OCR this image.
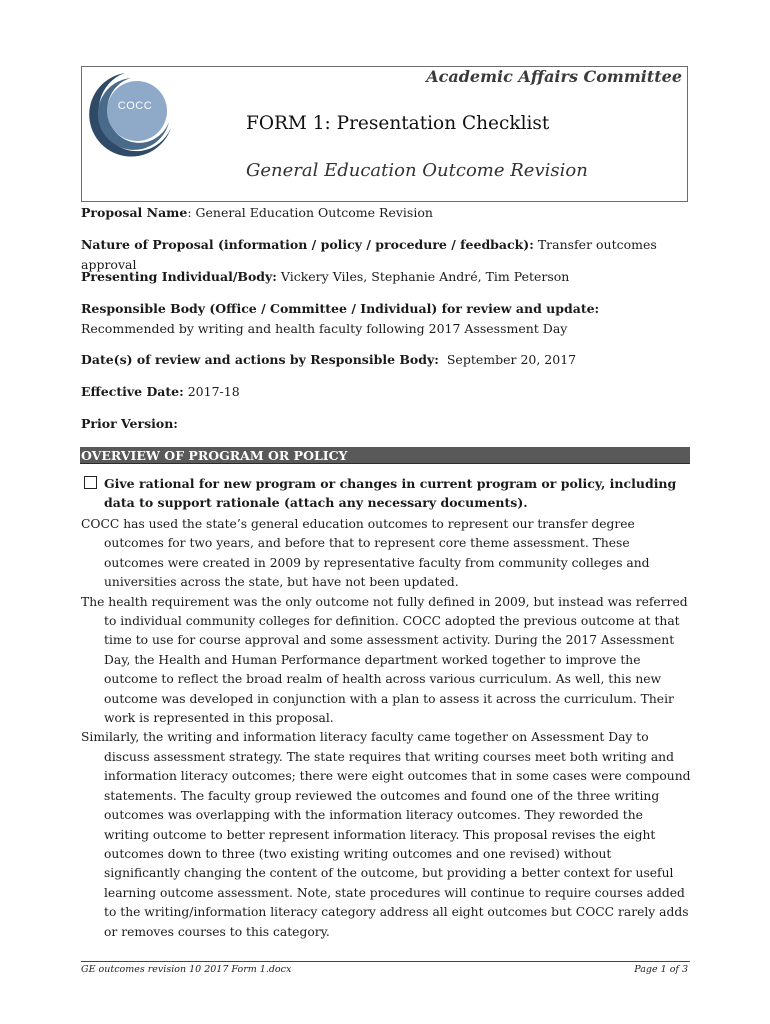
COCC
Academic Affairs Committee
FORM 1: Presentation Checklist
General Education Outcome Revision
Proposal Name: General Education Outcome Revision
Nature of Proposal (information / policy / procedure / feedback): Transfer outcomes approval
Presenting Individual/Body: Vickery Viles, Stephanie André, Tim Peterson
Responsible Body (Office / Committee / Individual) for review and update: Recommended by writing and health faculty following 2017 Assessment Day
Date(s) of review and actions by Responsible Body: September 20, 2017
Effective Date: 2017-18
Prior Version:
OVERVIEW OF PROGRAM OR POLICY
Give rational for new program or changes in current program or policy, including data to support rationale (attach any necessary documents).

COCC has used the state’s general education outcomes to represent our transfer degree outcomes for two years, and before that to represent core theme assessment. These outcomes were created in 2009 by representative faculty from community colleges and universities across the state, but have not been updated.

The health requirement was the only outcome not fully defined in 2009, but instead was referred to individual community colleges for definition. COCC adopted the previous outcome at that time to use for course approval and some assessment activity. During the 2017 Assessment Day, the Health and Human Performance department worked together to improve the outcome to reflect the broad realm of health across various curriculum. As well, this new outcome was developed in conjunction with a plan to assess it across the curriculum. Their work is represented in this proposal.

Similarly, the writing and information literacy faculty came together on Assessment Day to discuss assessment strategy. The state requires that writing courses meet both writing and information literacy outcomes; there were eight outcomes that in some cases were compound statements. The faculty group reviewed the outcomes and found one of the three writing outcomes was overlapping with the information literacy outcomes. They reworded the writing outcome to better represent information literacy. This proposal revises the eight outcomes down to three (two existing writing outcomes and one revised) without significantly changing the content of the outcome, but providing a better context for useful learning outcome assessment. Note, state procedures will continue to require courses added to the writing/information literacy category address all eight outcomes but COCC rarely adds or removes courses to this category.

GE outcomes revision 10 2017 Form 1.docx	Page 1 of 3
